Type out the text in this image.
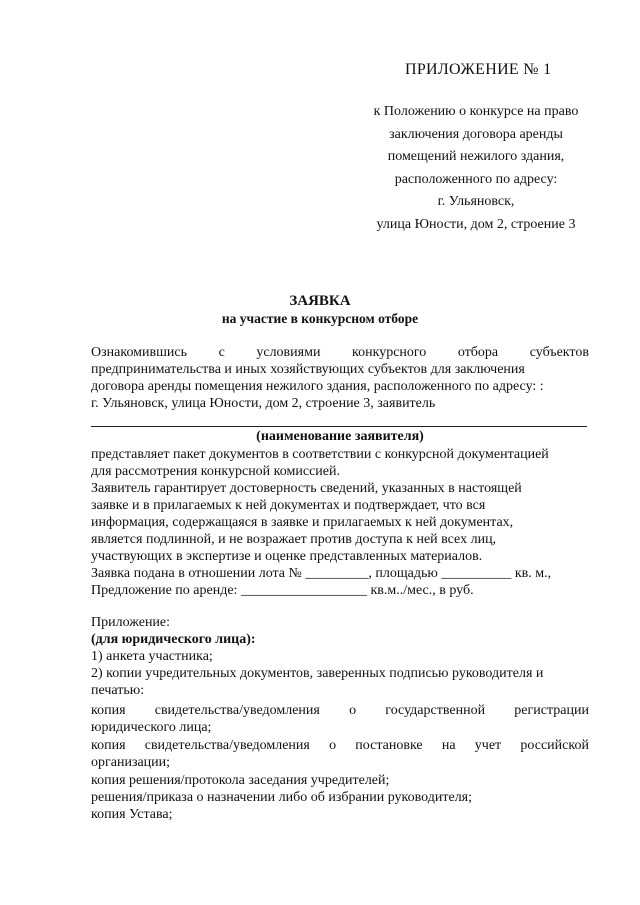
ПРИЛОЖЕНИЕ № 1
к Положению о конкурсе на право
заключения договора аренды
помещений нежилого здания,
расположенного по адресу:
г. Ульяновск,
улица Юности, дом 2, строение 3
ЗАЯВКА
на участие в конкурсном отборе
Ознакомившись с условиями конкурсного отбора субъектов
предпринимательства и иных хозяйствующих субъектов для заключения
договора аренды помещения нежилого здания, расположенного по адресу: :
г. Ульяновск, улица Юности, дом 2, строение 3, заявитель
(наименование заявителя)
представляет пакет документов в соответствии с конкурсной документацией
для рассмотрения конкурсной комиссией.
Заявитель гарантирует достоверность сведений, указанных в настоящей
заявке и в прилагаемых к ней документах и подтверждает, что вся
информация, содержащаяся в заявке и прилагаемых к ней документах,
является подлинной, и не возражает против доступа к ней всех лиц,
участвующих в экспертизе и оценке представленных материалов.
Заявка подана в отношении лота № _________, площадью __________ кв. м.,
Предложение по аренде: __________________ кв.м../мес., в руб.
Приложение:
(для юридического лица):
1) анкета участника;
2) копии учредительных документов, заверенных подписью руководителя и
печатью:
копия свидетельства/уведомления о государственной регистрации
юридического лица;
копия свидетельства/уведомления о постановке на учет российской
организации;
копия решения/протокола заседания учредителей;
решения/приказа о назначении либо об избрании руководителя;
копия Устава;
